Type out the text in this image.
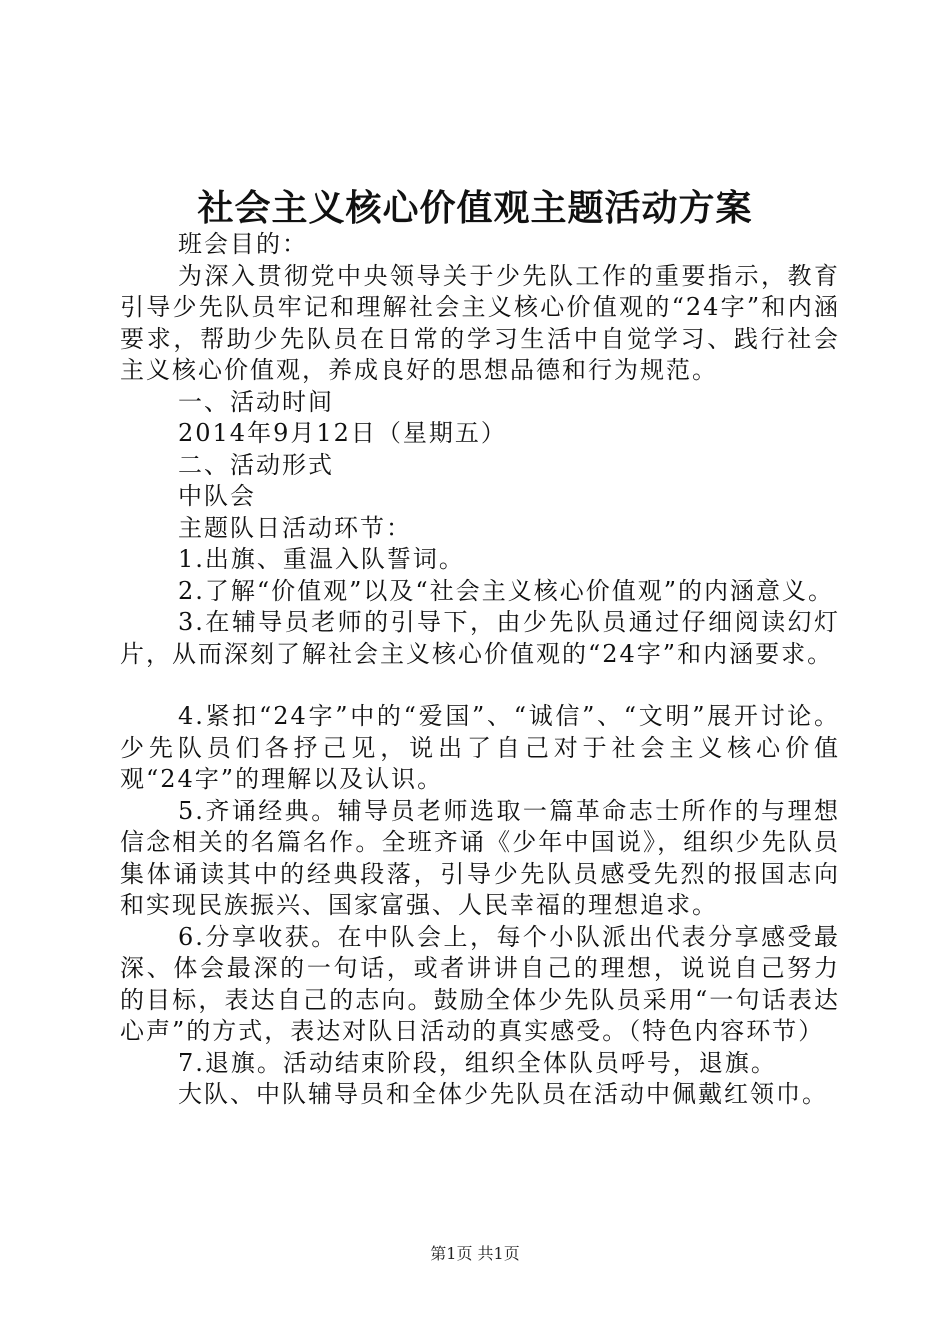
社会主义核心价值观主题活动方案

班会目的：

为深入贯彻党中央领导关于少先队工作的重要指示，教育引导少先队员牢记和理解社会主义核心价值观的“24字”和内涵要求，帮助少先队员在日常的学习生活中自觉学习、践行社会主义核心价值观，养成良好的思想品德和行为规范。

一、活动时间

2014年9月12日（星期五）

二、活动形式

中队会

主题队日活动环节：

1.出旗、重温入队誓词。

2.了解“价值观”以及“社会主义核心价值观”的内涵意义。

3.在辅导员老师的引导下，由少先队员通过仔细阅读幻灯片，从而深刻了解社会主义核心价值观的“24字”和内涵要求。

4.紧扣“24字”中的“爱国”、“诚信”、“文明”展开讨论。少先队员们各抒己见，说出了自己对于社会主义核心价值观“24字”的理解以及认识。

5.齐诵经典。辅导员老师选取一篇革命志士所作的与理想信念相关的名篇名作。全班齐诵《少年中国说》，组织少先队员集体诵读其中的经典段落，引导少先队员感受先烈的报国志向和实现民族振兴、国家富强、人民幸福的理想追求。

6.分享收获。在中队会上，每个小队派出代表分享感受最深、体会最深的一句话，或者讲讲自己的理想，说说自己努力的目标，表达自己的志向。鼓励全体少先队员采用“一句话表达心声”的方式，表达对队日活动的真实感受。（特色内容环节）

7.退旗。活动结束阶段，组织全体队员呼号，退旗。

大队、中队辅导员和全体少先队员在活动中佩戴红领巾。

第1页 共1页
